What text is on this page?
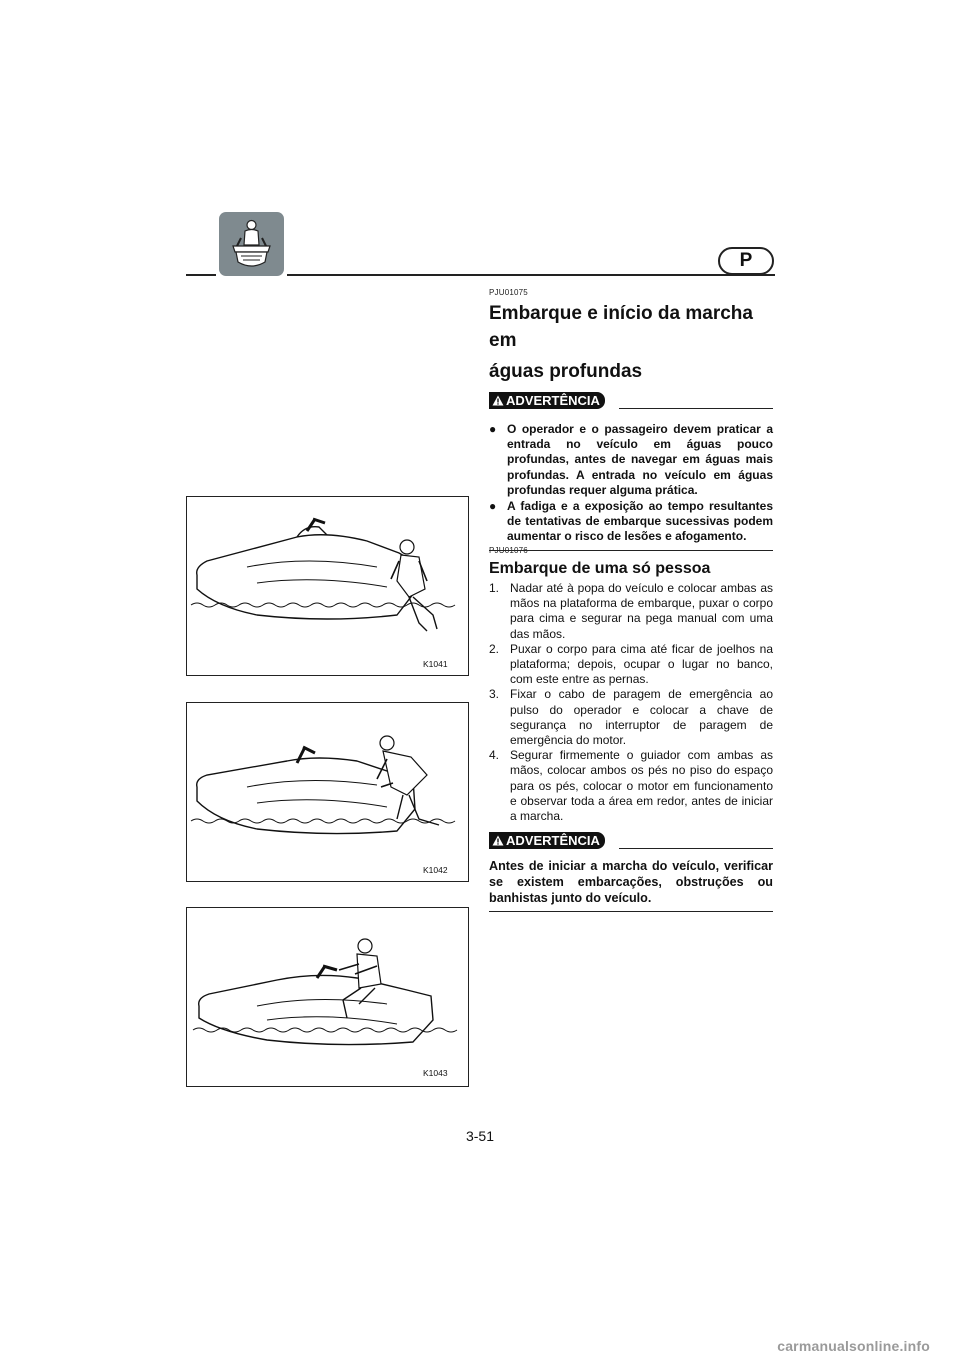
P
PJU01075
Embarque e início da marcha em
águas profundas
ADVERTÊNCIA
● O operador e o passageiro devem praticar a entrada no veículo em águas pouco profundas, antes de navegar em águas mais profundas. A entrada no veículo em águas profundas requer alguma prática.
● A fadiga e a exposição ao tempo resultantes de tentativas de embarque sucessivas podem aumentar o risco de lesões e afogamento.
PJU01076
Embarque de uma só pessoa
1. Nadar até à popa do veículo e colocar ambas as mãos na plataforma de embarque, puxar o corpo para cima e segurar na pega manual com uma das mãos.
2. Puxar o corpo para cima até ficar de joelhos na plataforma; depois, ocupar o lugar no banco, com este entre as pernas.
3. Fixar o cabo de paragem de emergência ao pulso do operador e colocar a chave de segurança no interruptor de paragem de emergência do motor.
4. Segurar firmemente o guiador com ambas as mãos, colocar ambos os pés no piso do espaço para os pés, colocar o motor em funcionamento e observar toda a área em redor, antes de iniciar a marcha.
ADVERTÊNCIA
Antes de iniciar a marcha do veículo, verificar se existem embarcações, obstruções ou banhistas junto do veículo.
K1041
K1042
K1043
3-51
carmanualsonline.info
